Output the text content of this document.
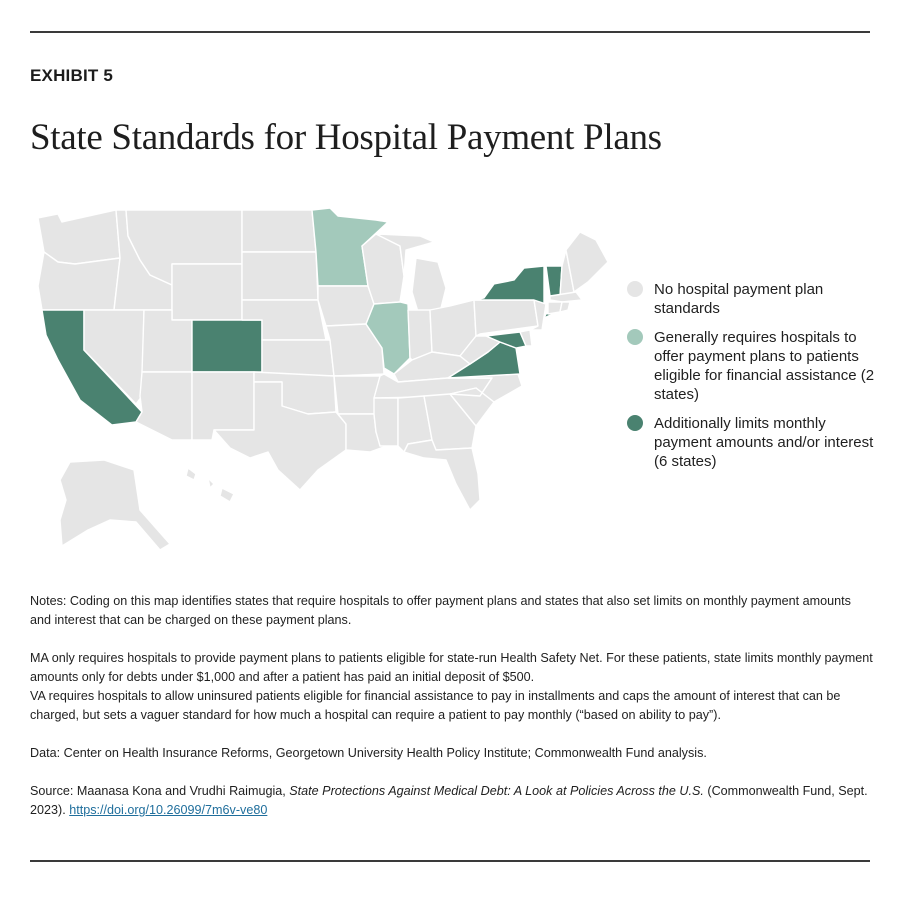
EXHIBIT 5
State Standards for Hospital Payment Plans
No hospital payment plan standards
Generally requires hospitals to offer payment plans to patients eligible for financial assistance (2 states)
Additionally limits monthly payment amounts and/or interest (6 states)

Notes: Coding on this map identifies states that require hospitals to offer payment plans and states that also set limits on monthly payment amounts and interest that can be charged on these payment plans.

MA only requires hospitals to provide payment plans to patients eligible for state-run Health Safety Net. For these patients, state limits monthly payment amounts only for debts under $1,000 and after a patient has paid an initial deposit of $500.

VA requires hospitals to allow uninsured patients eligible for financial assistance to pay in installments and caps the amount of interest that can be charged, but sets a vaguer standard for how much a hospital can require a patient to pay monthly (“based on ability to pay”).

Data: Center on Health Insurance Reforms, Georgetown University Health Policy Institute; Commonwealth Fund analysis.

Source: Maanasa Kona and Vrudhi Raimugia, State Protections Against Medical Debt: A Look at Policies Across the U.S. (Commonwealth Fund, Sept. 2023). https://doi.org/10.26099/7m6v-ve80
